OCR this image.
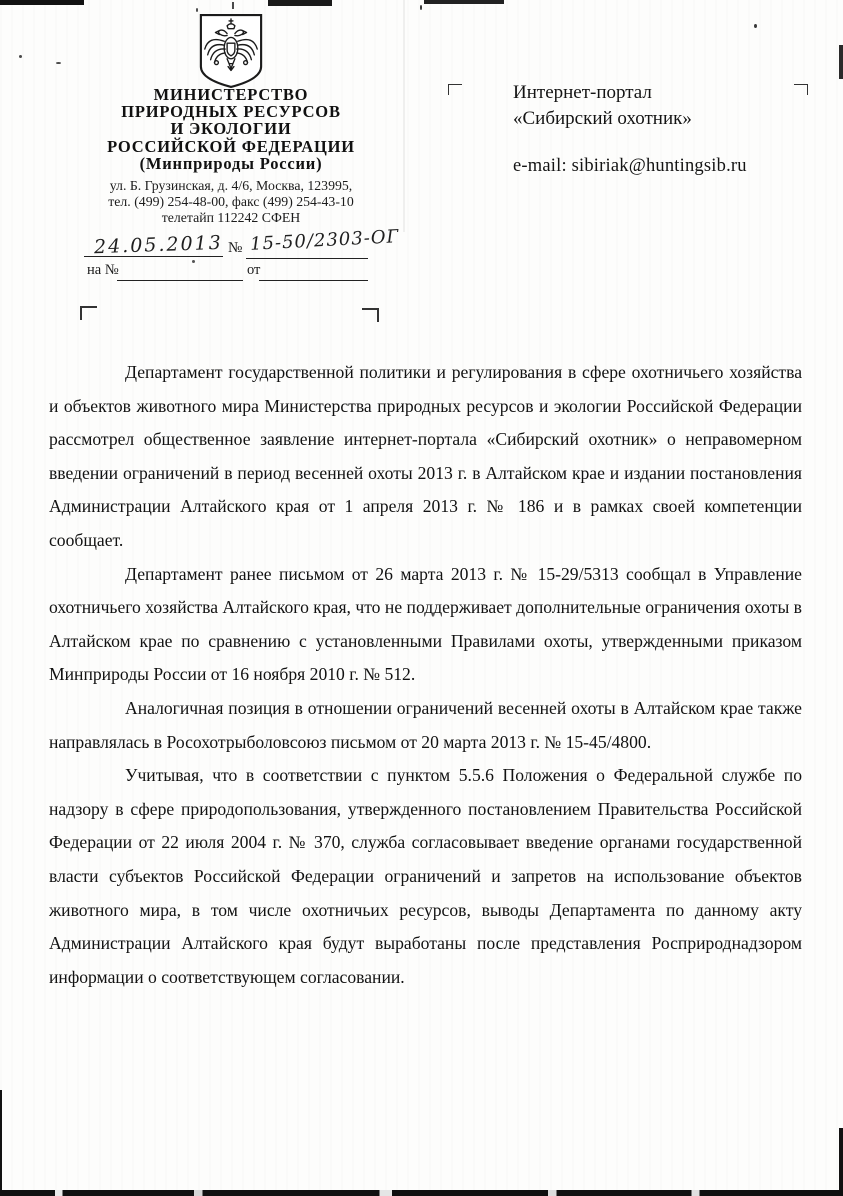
МИНИСТЕРСТВО
ПРИРОДНЫХ РЕСУРСОВ
И ЭКОЛОГИИ
РОССИЙСКОЙ ФЕДЕРАЦИИ
(Минприроды России)
ул. Б. Грузинская, д. 4/6, Москва, 123995,
тел. (499) 254-48-00, факс (499) 254-43-10
телетайп 112242 СФЕН
24.05.2013 № 15-50/2303-ОГ
на №	от
Интернет-портал
«Сибирский охотник»
e-mail: sibiriak@huntingsib.ru

Департамент государственной политики и регулирования в сфере охотничьего хозяйства и объектов животного мира Министерства природных ресурсов и экологии Российской Федерации рассмотрел общественное заявление интернет-портала «Сибирский охотник» о неправомерном введении ограничений в период весенней охоты 2013 г. в Алтайском крае и издании постановления Администрации Алтайского края от 1 апреля 2013 г. № 186 и в рамках своей компетенции сообщает.

Департамент ранее письмом от 26 марта 2013 г. № 15-29/5313 сообщал в Управление охотничьего хозяйства Алтайского края, что не поддерживает дополнительные ограничения охоты в Алтайском крае по сравнению с установленными Правилами охоты, утвержденными приказом Минприроды России от 16 ноября 2010 г. № 512.

Аналогичная позиция в отношении ограничений весенней охоты в Алтайском крае также направлялась в Росохотрыболовсоюз письмом от 20 марта 2013 г. № 15-45/4800.

Учитывая, что в соответствии с пунктом 5.5.6 Положения о Федеральной службе по надзору в сфере природопользования, утвержденного постановлением Правительства Российской Федерации от 22 июля 2004 г. № 370, служба согласовывает введение органами государственной власти субъектов Российской Федерации ограничений и запретов на использование объектов животного мира, в том числе охотничьих ресурсов, выводы Департамента по данному акту Администрации Алтайского края будут выработаны после представления Росприроднадзором информации о соответствующем согласовании.
